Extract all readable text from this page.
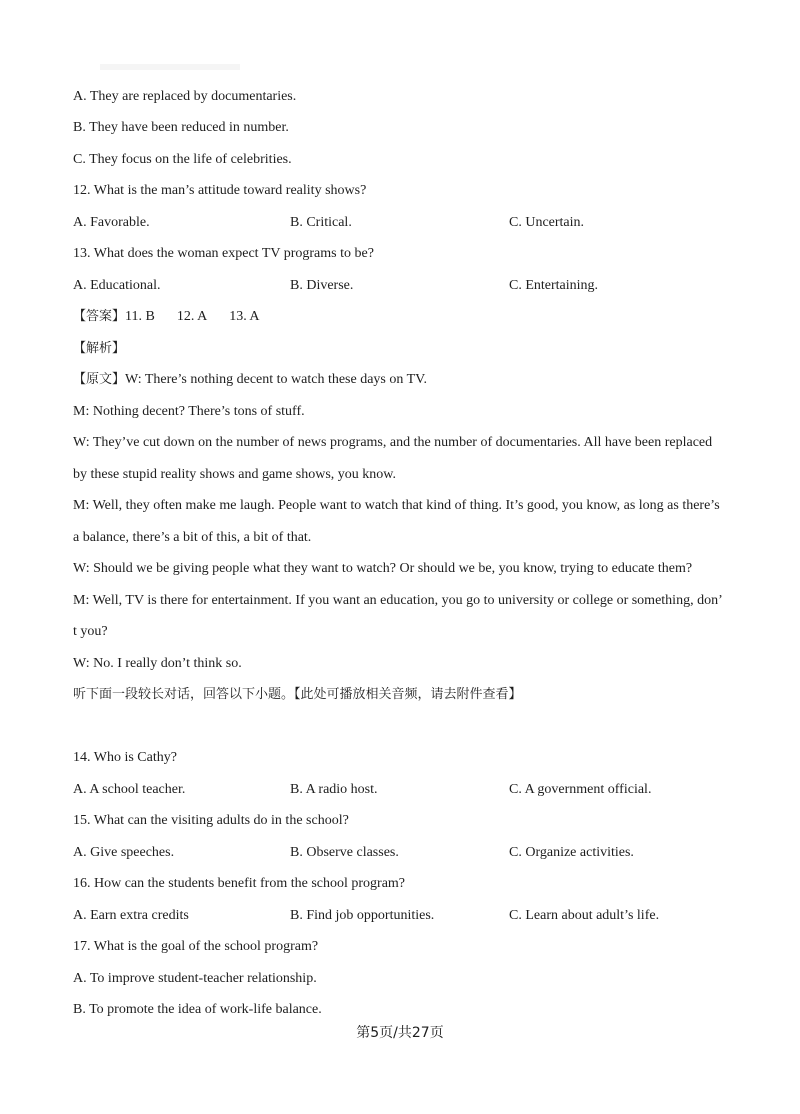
A. They are replaced by documentaries.
B. They have been reduced in number.
C. They focus on the life of celebrities.
12. What is the man’s attitude toward reality shows?
A. Favorable.	B. Critical.	C. Uncertain.
13. What does the woman expect TV programs to be?
A. Educational.	B. Diverse.	C. Entertaining.
【答案】11. B 12. A 13. A
【解析】
【原文】W: There’s nothing decent to watch these days on TV.
M: Nothing decent? There’s tons of stuff.
W: They’ve cut down on the number of news programs, and the number of documentaries. All have been replaced
by these stupid reality shows and game shows, you know.
M: Well, they often make me laugh. People want to watch that kind of thing. It’s good, you know, as long as there’s
a balance, there’s a bit of this, a bit of that.
W: Should we be giving people what they want to watch? Or should we be, you know, trying to educate them?
M: Well, TV is there for entertainment. If you want an education, you go to university or college or something, don’
t you?
W: No. I really don’t think so.
听下面一段较长对话，回答以下小题。【此处可播放相关音频，请去附件查看】
14. Who is Cathy?
A. A school teacher.	B. A radio host.	C. A government official.
15. What can the visiting adults do in the school?
A. Give speeches.	B. Observe classes.	C. Organize activities.
16. How can the students benefit from the school program?
A. Earn extra credits	B. Find job opportunities.	C. Learn about adult’s life.
17. What is the goal of the school program?
A. To improve student-teacher relationship.
B. To promote the idea of work-life balance.
第5页/共27页
